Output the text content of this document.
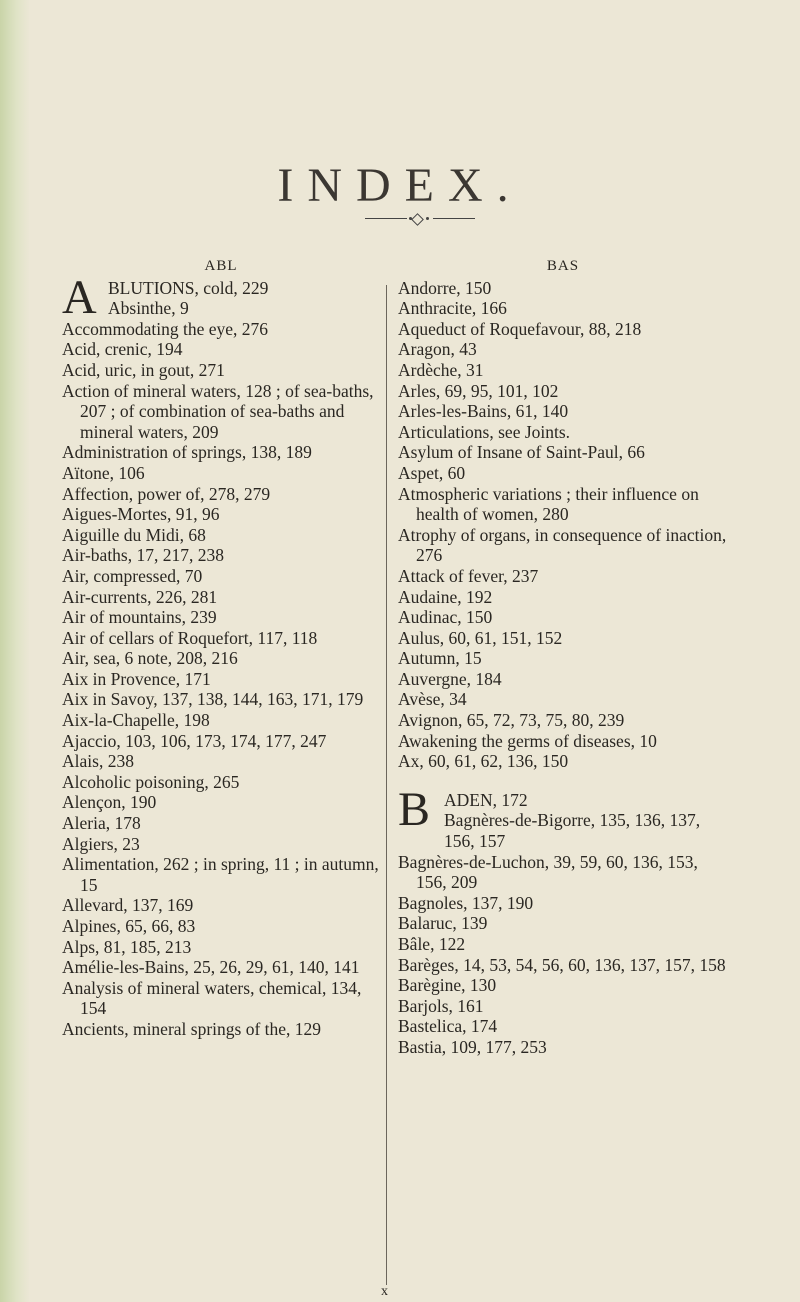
INDEX.
ABL
A BLUTIONS, cold, 229
Absinthe, 9
Accommodating the eye, 276
Acid, crenic, 194
Acid, uric, in gout, 271
Action of mineral waters, 128 ; of sea-baths, 207 ; of combination of sea-baths and mineral waters, 209
Administration of springs, 138, 189
Aïtone, 106
Affection, power of, 278, 279
Aigues-Mortes, 91, 96
Aiguille du Midi, 68
Air-baths, 17, 217, 238
Air, compressed, 70
Air-currents, 226, 281
Air of mountains, 239
Air of cellars of Roquefort, 117, 118
Air, sea, 6 note, 208, 216
Aix in Provence, 171
Aix in Savoy, 137, 138, 144, 163, 171, 179
Aix-la-Chapelle, 198
Ajaccio, 103, 106, 173, 174, 177, 247
Alais, 238
Alcoholic poisoning, 265
Alençon, 190
Aleria, 178
Algiers, 23
Alimentation, 262 ; in spring, 11 ; in autumn, 15
Allevard, 137, 169
Alpines, 65, 66, 83
Alps, 81, 185, 213
Amélie-les-Bains, 25, 26, 29, 61, 140, 141
Analysis of mineral waters, chemical, 134, 154
Ancients, mineral springs of the, 129
BAS
Andorre, 150
Anthracite, 166
Aqueduct of Roquefavour, 88, 218
Aragon, 43
Ardèche, 31
Arles, 69, 95, 101, 102
Arles-les-Bains, 61, 140
Articulations, see Joints.
Asylum of Insane of Saint-Paul, 66
Aspet, 60
Atmospheric variations ; their influence on health of women, 280
Atrophy of organs, in consequence of inaction, 276
Attack of fever, 237
Audaine, 192
Audinac, 150
Aulus, 60, 61, 151, 152
Autumn, 15
Auvergne, 184
Avèse, 34
Avignon, 65, 72, 73, 75, 80, 239
Awakening the germs of diseases, 10
Ax, 60, 61, 62, 136, 150
B ADEN, 172
Bagnères-de-Bigorre, 135, 136, 137, 156, 157
Bagnères-de-Luchon, 39, 59, 60, 136, 153, 156, 209
Bagnoles, 137, 190
Balaruc, 139
Bâle, 122
Barèges, 14, 53, 54, 56, 60, 136, 137, 157, 158
Barègine, 130
Barjols, 161
Bastelica, 174
Bastia, 109, 177, 253
x
